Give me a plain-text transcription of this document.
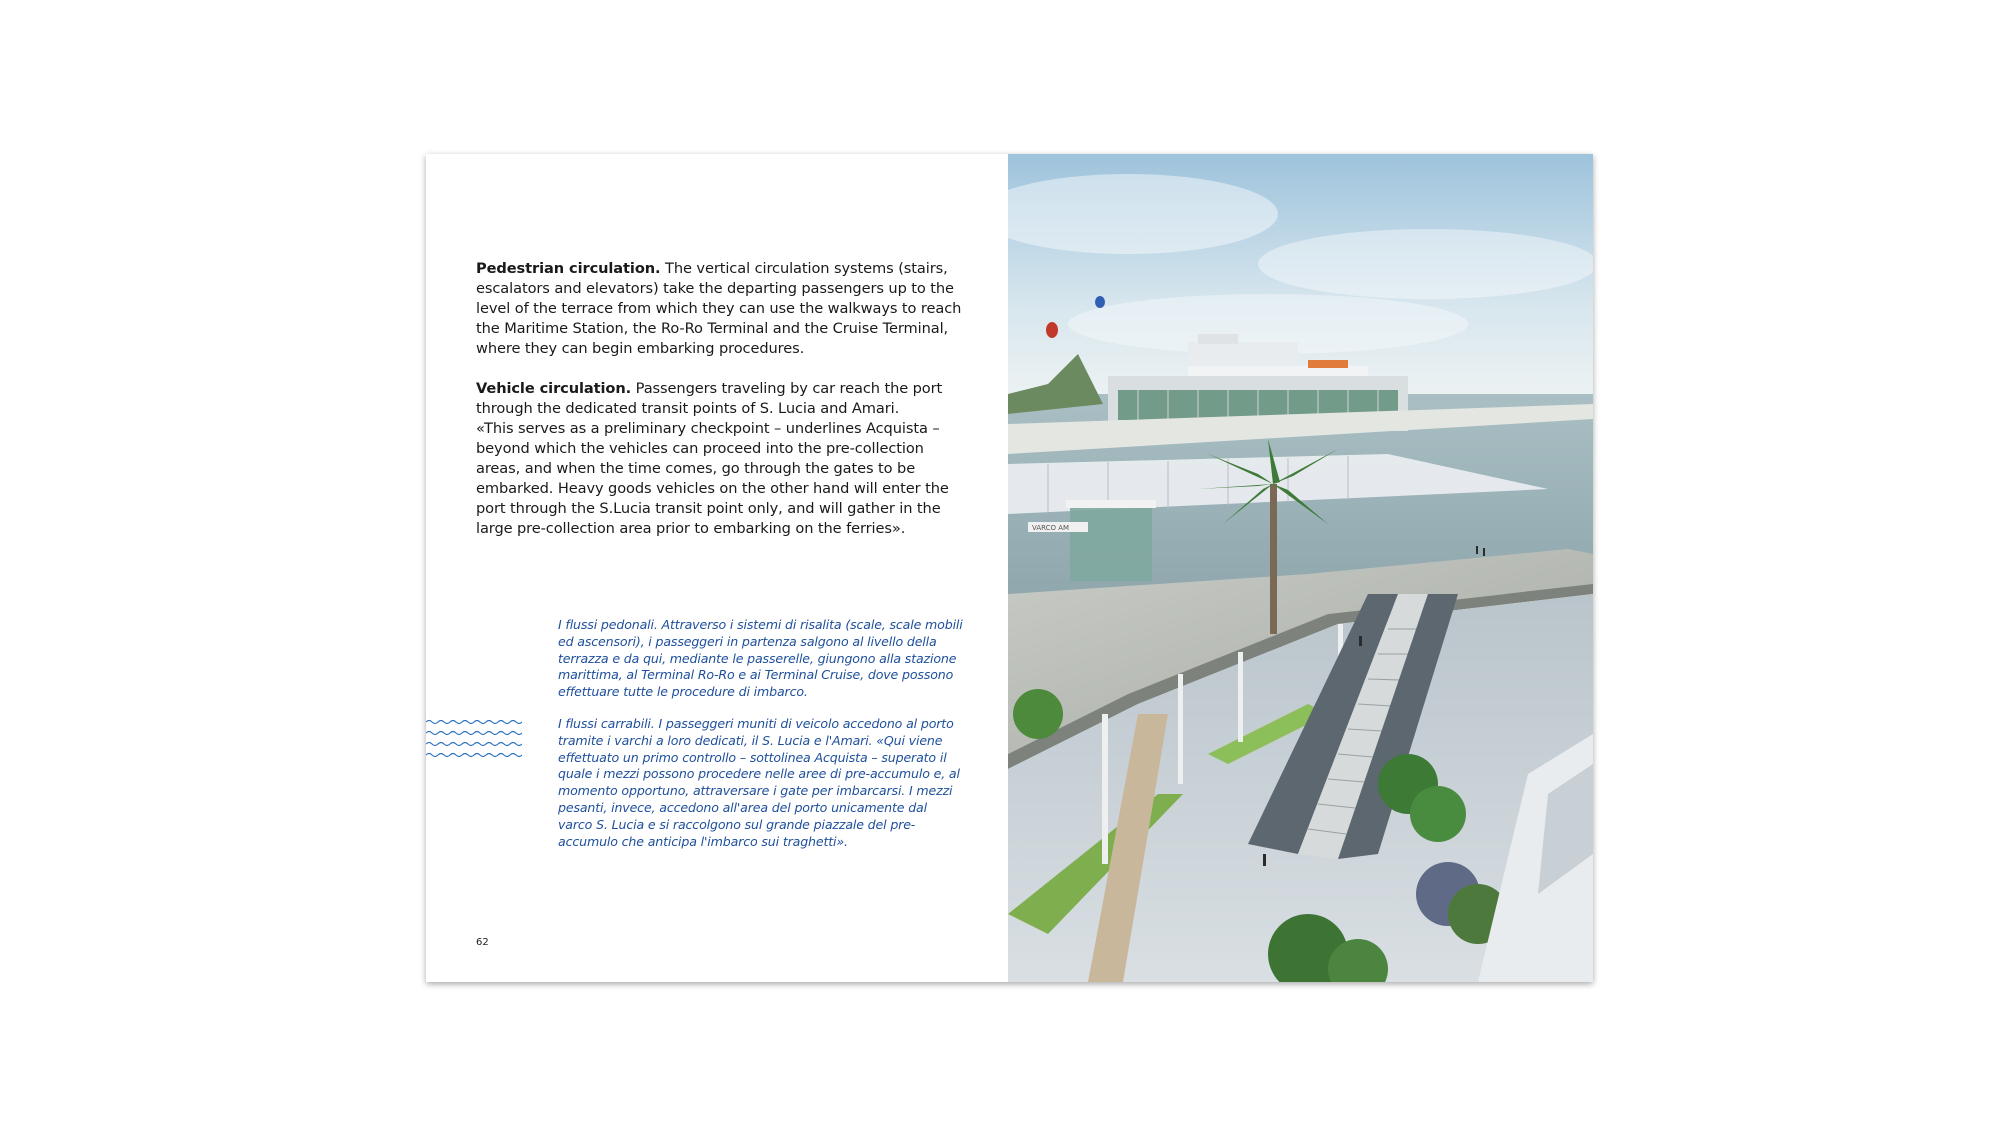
Pedestrian circulation. The vertical circulation systems (stairs, escalators and elevators) take the departing passengers up to the level of the terrace from which they can use the walkways to reach the Maritime Station, the Ro-Ro Terminal and the Cruise Terminal, where they can begin embarking procedures.

Vehicle circulation. Passengers traveling by car reach the port through the dedicated transit points of S. Lucia and Amari.
«This serves as a preliminary checkpoint – underlines Acquista – beyond which the vehicles can proceed into the pre-collection areas, and when the time comes, go through the gates to be embarked. Heavy goods vehicles on the other hand will enter the port through the S.Lucia transit point only, and will gather in the large pre-collection area prior to embarking on the ferries».

I flussi pedonali. Attraverso i sistemi di risalita (scale, scale mobili ed ascensori), i passeggeri in partenza salgono al livello della terrazza e da qui, mediante le passerelle, giungono alla stazione marittima, al Terminal Ro-Ro e ai Terminal Cruise, dove possono effettuare tutte le procedure di imbarco.

I flussi carrabili. I passeggeri muniti di veicolo accedono al porto tramite i varchi a loro dedicati, il S. Lucia e l'Amari. «Qui viene effettuato un primo controllo – sottolinea Acquista – superato il quale i mezzi possono procedere nelle aree di pre-accumulo e, al momento opportuno, attraversare i gate per imbarcarsi. I mezzi pesanti, invece, accedono all'area del porto unicamente dal varco S. Lucia e si raccolgono sul grande piazzale del pre-accumulo che anticipa l'imbarco sui traghetti».

62
VARCO AM
